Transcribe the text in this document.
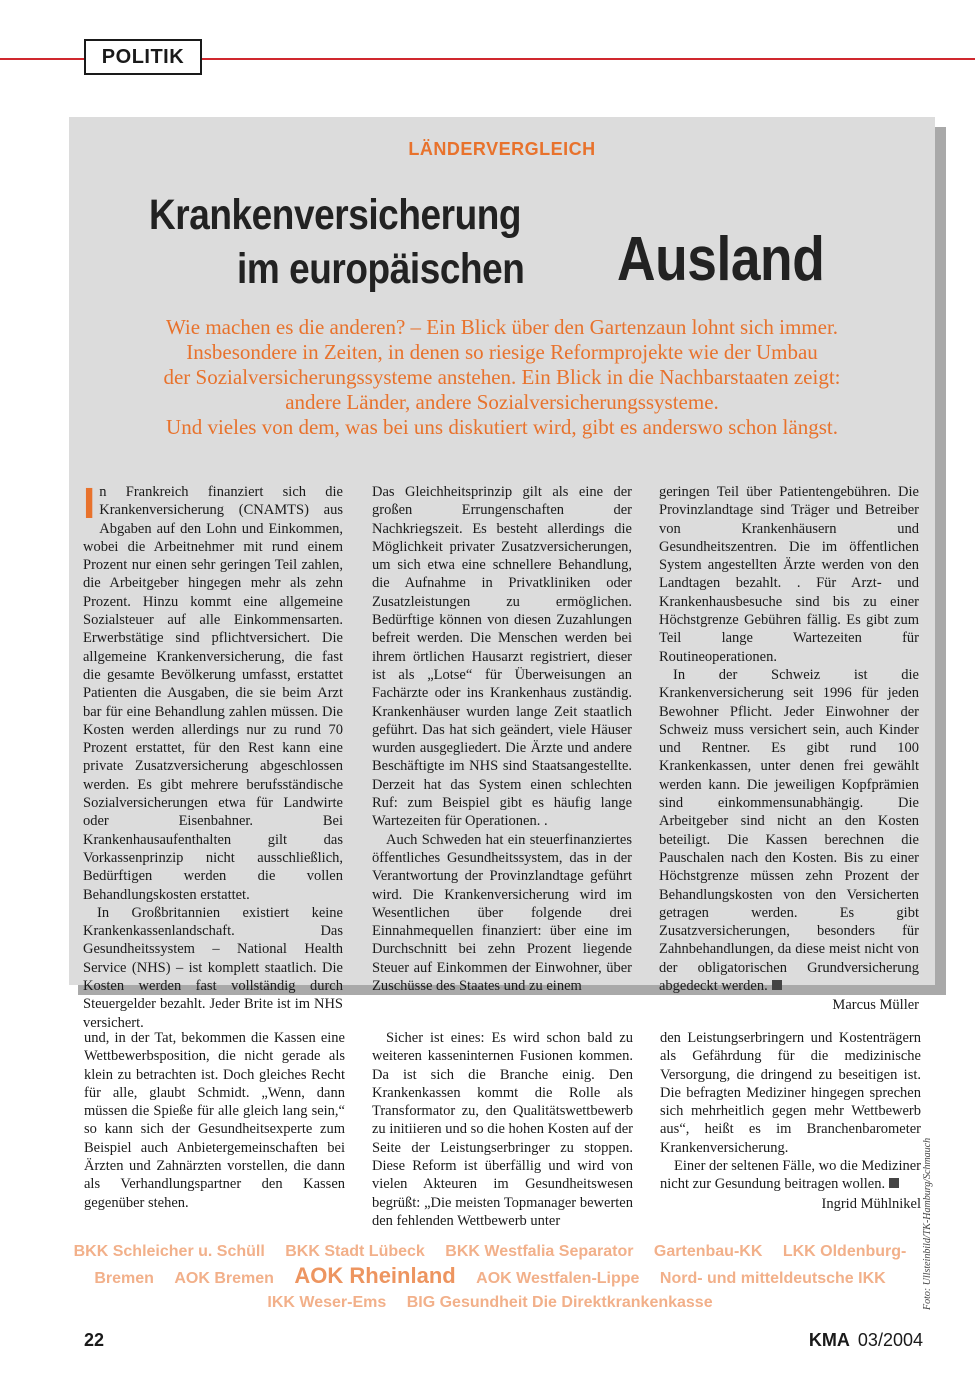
POLITIK
LÄNDERVERGLEICH
Krankenversicherung
im europäischen Ausland

Wie machen es die anderen? – Ein Blick über den Gartenzaun lohnt sich immer.

Insbesondere in Zeiten, in denen so riesige Reformprojekte wie der Umbau

der Sozialversicherungssysteme anstehen. Ein Blick in die Nachbarstaaten zeigt:

andere Länder, andere Sozialversicherungssysteme.

Und vieles von dem, was bei uns diskutiert wird, gibt es anderswo schon längst.

In Frankreich finanziert sich die Krankenversicherung (CNAMTS) aus Abgaben auf den Lohn und Einkommen, wobei die Arbeitnehmer mit rund einem Prozent nur einen sehr geringen Teil zahlen, die Arbeitgeber hingegen mehr als zehn Prozent. Hinzu kommt eine allgemeine Sozialsteuer auf alle Einkommensarten. Erwerbstätige sind pflichtversichert. Die allgemeine Krankenversicherung, die fast die gesamte Bevölkerung umfasst, erstattet Patienten die Ausgaben, die sie beim Arzt bar für eine Behandlung zahlen müssen. Die Kosten werden allerdings nur zu rund 70 Prozent erstattet, für den Rest kann eine private Zusatzversicherung abgeschlossen werden. Es gibt mehrere berufsständische Sozialversicherungen etwa für Landwirte oder Eisenbahner. Bei Krankenhausaufenthalten gilt das Vorkassenprinzip nicht ausschließlich, Bedürftigen werden die vollen Behandlungskosten erstattet.

In Großbritannien existiert keine Krankenkassenlandschaft. Das Gesundheitssystem – National Health Service (NHS) – ist komplett staatlich. Die Kosten werden fast vollständig durch Steuergelder bezahlt. Jeder Brite ist im NHS versichert.

Das Gleichheitsprinzip gilt als eine der großen Errungenschaften der Nachkriegszeit. Es besteht allerdings die Möglichkeit privater Zusatzversicherungen, um sich etwa eine schnellere Behandlung, die Aufnahme in Privatkliniken oder Zusatzleistungen zu ermöglichen. Bedürftige können von diesen Zuzahlungen befreit werden. Die Menschen werden bei ihrem örtlichen Hausarzt registriert, dieser ist als „Lotse“ für Überweisungen an Fachärzte oder ins Krankenhaus zuständig. Krankenhäuser wurden lange Zeit staatlich geführt. Das hat sich geändert, viele Häuser wurden ausgegliedert. Die Ärzte und andere Beschäftigte im NHS sind Staatsangestellte. Derzeit hat das System einen schlechten Ruf: zum Beispiel gibt es häufig lange Wartezeiten für Operationen. .

Auch Schweden hat ein steuerfinanziertes öffentliches Gesundheitssystem, das in der Verantwortung der Provinzlandtage geführt wird. Die Krankenversicherung wird im Wesentlichen über folgende drei Einnahmequellen finanziert: über eine im Durchschnitt bei zehn Prozent liegende Steuer auf Einkommen der Einwohner, über Zuschüsse des Staates und zu einem

geringen Teil über Patientengebühren. Die Provinzlandtage sind Träger und Betreiber von Krankenhäusern und Gesundheitszentren. Die im öffentlichen System angestellten Ärzte werden von den Landtagen bezahlt. . Für Arzt- und Krankenhausbesuche sind bis zu einer Höchstgrenze Gebühren fällig. Es gibt zum Teil lange Wartezeiten für Routineoperationen.

In der Schweiz ist die Krankenversicherung seit 1996 für jeden Bewohner Pflicht. Jeder Einwohner der Schweiz muss versichert sein, auch Kinder und Rentner. Es gibt rund 100 Krankenkassen, unter denen frei gewählt werden kann. Die jeweiligen Kopfprämien sind einkommensunabhängig. Die Arbeitgeber sind nicht an den Kosten beteiligt. Die Kassen berechnen die Pauschalen nach den Kosten. Bis zu einer Höchstgrenze müssen zehn Prozent der Behandlungskosten von den Versicherten getragen werden. Es gibt Zusatzversicherungen, besonders für Zahnbehandlungen, da diese meist nicht von der obligatorischen Grundversicherung abgedeckt werden.

Marcus Müller

und, in der Tat, bekommen die Kassen eine Wettbewerbsposition, die nicht gerade als klein zu betrachten ist. Doch gleiches Recht für alle, glaubt Schmidt. „Wenn, dann müssen die Spieße für alle gleich lang sein,“ so kann sich der Gesundheitsexperte zum Beispiel auch Anbietergemeinschaften bei Ärzten und Zahnärzten vorstellen, die dann als Verhandlungspartner den Kassen gegenüber stehen.

Sicher ist eines: Es wird schon bald zu weiteren kasseninternen Fusionen kommen. Da ist sich die Branche einig. Den Krankenkassen kommt die Rolle als Transformator zu, den Qualitätswettbewerb zu initiieren und so die hohen Kosten auf der Seite der Leistungserbringer zu stoppen. Diese Reform ist überfällig und wird von vielen Akteuren im Gesundheitswesen begrüßt: „Die meisten Topmanager bewerten den fehlenden Wettbewerb unter

den Leistungserbringern und Kostenträgern als Gefährdung für die medizinische Versorgung, die dringend zu beseitigen ist. Die befragten Mediziner hingegen sprechen sich mehrheitlich gegen mehr Wettbewerb aus“, heißt es im Branchenbarometer Krankenversicherung.

Einer der seltenen Fälle, wo die Mediziner nicht zur Gesundung beitragen wollen.

Ingrid Mühlnikel

BKK Schleicher u. Schüll BKK Stadt Lübeck BKK Westfalia Separator Gartenbau-KK LKK Oldenburg-

Bremen AOK Bremen AOK Rheinland AOK Westfalen-Lippe Nord- und mitteldeutsche IKK

IKK Weser-Ems BIG Gesundheit Die Direktkrankenkasse	Foto: Ullsteinbild/TK-Hamburg/Schmauch
22	KMA 03/2004
